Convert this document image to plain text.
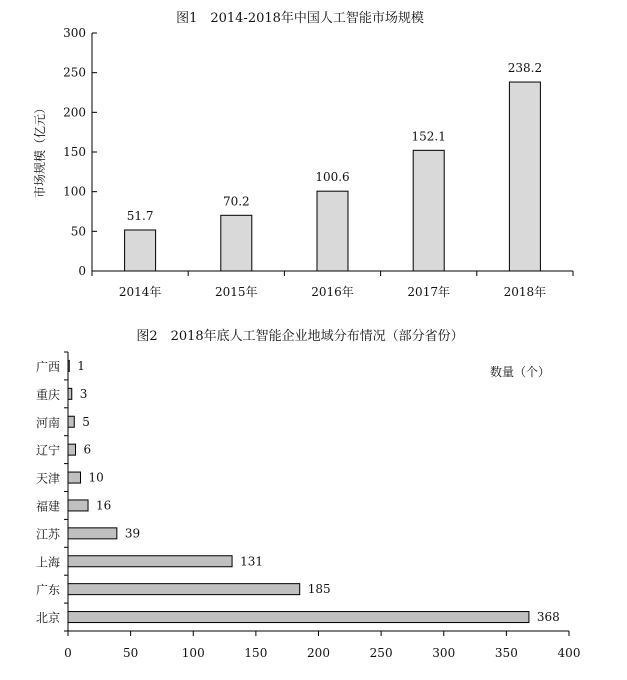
图1　2014-2018年中国人工智能市场规模
市场规模（亿元）
0
50
100
150
200
250
300
51.7
70.2
100.6
152.1
238.2
2014年	2015年	2016年	2017年	2018年
图2　2018年底人工智能企业地域分布情况（部分省份）
数量（个）
广西
重庆
河南
辽宁
天津
福建
江苏
上海
广东
北京
1
3
5
6
10
16
39
131
185
368
0	50	100	150	200	250	300	350	400
